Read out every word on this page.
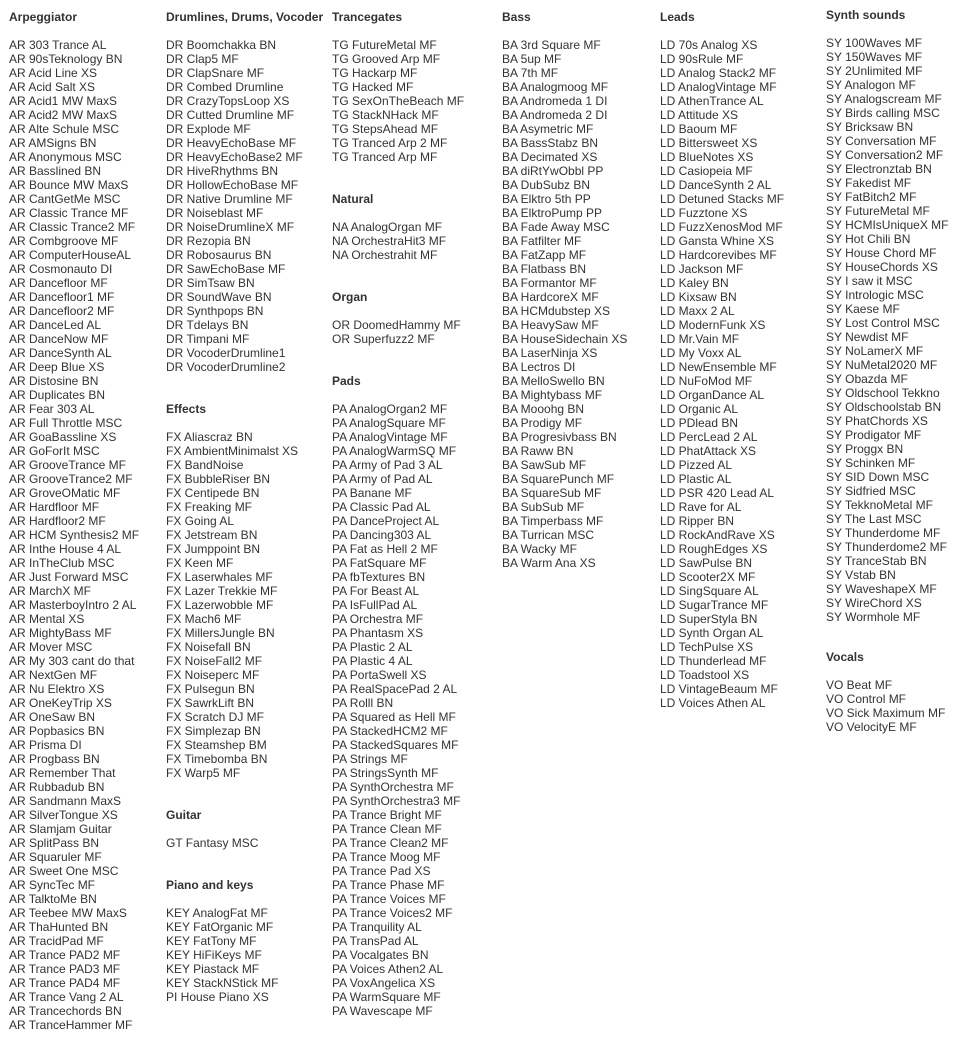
Arpeggiator
AR 303 Trance AL
AR 90sTeknology BN
AR Acid Line XS
AR Acid Salt XS
AR Acid1 MW MaxS
AR Acid2 MW MaxS
AR Alte Schule MSC
AR AMSigns BN
AR Anonymous MSC
AR Basslined BN
AR Bounce MW MaxS
AR CantGetMe MSC
AR Classic Trance MF
AR Classic Trance2 MF
AR Combgroove MF
AR ComputerHouseAL
AR Cosmonauto DI
AR Dancefloor MF
AR Dancefloor1 MF
AR Dancefloor2 MF
AR DanceLed AL
AR DanceNow MF
AR DanceSynth AL
AR Deep Blue XS
AR Distosine BN
AR Duplicates BN
AR Fear 303 AL
AR Full Throttle MSC
AR GoaBassline XS
AR GoForIt MSC
AR GrooveTrance MF
AR GrooveTrance2 MF
AR GroveOMatic MF
AR Hardfloor MF
AR Hardfloor2 MF
AR HCM Synthesis2 MF
AR Inthe House 4 AL
AR InTheClub MSC
AR Just Forward MSC
AR MarchX MF
AR MasterboyIntro 2 AL
AR Mental XS
AR MightyBass MF
AR Mover MSC
AR My 303 cant do that
AR NextGen MF
AR Nu Elektro XS
AR OneKeyTrip XS
AR OneSaw BN
AR Popbasics BN
AR Prisma DI
AR Progbass BN
AR Remember That
AR Rubbadub BN
AR Sandmann MaxS
AR SilverTongue XS
AR Slamjam Guitar
AR SplitPass BN
AR Squaruler MF
AR Sweet One MSC
AR SyncTec MF
AR TalktoMe BN
AR Teebee MW MaxS
AR ThaHunted BN
AR TracidPad MF
AR Trance PAD2 MF
AR Trance PAD3 MF
AR Trance PAD4 MF
AR Trance Vang 2 AL
AR Trancechords BN
AR TranceHammer MF
Drumlines, Drums, Vocoder
DR Boomchakka BN
DR Clap5 MF
DR ClapSnare MF
DR Combed Drumline
DR CrazyTopsLoop XS
DR Cutted Drumline MF
DR Explode MF
DR HeavyEchoBase MF
DR HeavyEchoBase2 MF
DR HiveRhythms BN
DR HollowEchoBase MF
DR Native Drumline MF
DR Noiseblast MF
DR NoiseDrumlineX MF
DR Rezopia BN
DR Robosaurus BN
DR SawEchoBase MF
DR SimTsaw BN
DR SoundWave BN
DR Synthpops BN
DR Tdelays BN
DR Timpani MF
DR VocoderDrumline1
DR VocoderDrumline2
Effects
FX Aliascraz BN
FX AmbientMinimalst XS
FX BandNoise
FX BubbleRiser BN
FX Centipede BN
FX Freaking MF
FX Going AL
FX Jetstream BN
FX Jumppoint BN
FX Keen MF
FX Laserwhales MF
FX Lazer Trekkie MF
FX Lazerwobble MF
FX Mach6 MF
FX MillersJungle BN
FX Noisefall BN
FX NoiseFall2 MF
FX Noiseperc MF
FX Pulsegun BN
FX SawrkLift BN
FX Scratch DJ MF
FX Simplezap BN
FX Steamshep BM
FX Timebomba BN
FX Warp5 MF
Guitar
GT Fantasy MSC
Piano and keys
KEY AnalogFat MF
KEY FatOrganic MF
KEY FatTony MF
KEY HiFiKeys MF
KEY Piastack MF
KEY StackNStick MF
PI House Piano XS
Trancegates
TG FutureMetal MF
TG Grooved Arp MF
TG Hackarp MF
TG Hacked MF
TG SexOnTheBeach MF
TG StackNHack MF
TG StepsAhead MF
TG Tranced Arp 2 MF
TG Tranced Arp MF
Natural
NA AnalogOrgan MF
NA OrchestraHit3 MF
NA Orchestrahit MF
Organ
OR DoomedHammy MF
OR Superfuzz2 MF
Pads
PA AnalogOrgan2 MF
PA AnalogSquare MF
PA AnalogVintage MF
PA AnalogWarmSQ MF
PA Army of Pad 3 AL
PA Army of Pad AL
PA Banane MF
PA Classic Pad AL
PA DanceProject AL
PA Dancing303 AL
PA Fat as Hell 2 MF
PA FatSquare MF
PA fbTextures BN
PA For Beast AL
PA IsFullPad AL
PA Orchestra MF
PA Phantasm XS
PA Plastic 2 AL
PA Plastic 4 AL
PA PortaSwell XS
PA RealSpacePad 2 AL
PA Rolll BN
PA Squared as Hell MF
PA StackedHCM2 MF
PA StackedSquares MF
PA Strings MF
PA StringsSynth MF
PA SynthOrchestra MF
PA SynthOrchestra3 MF
PA Trance Bright MF
PA Trance Clean MF
PA Trance Clean2 MF
PA Trance Moog MF
PA Trance Pad XS
PA Trance Phase MF
PA Trance Voices MF
PA Trance Voices2 MF
PA Tranquility AL
PA TransPad AL
PA Vocalgates BN
PA Voices Athen2 AL
PA VoxAngelica XS
PA WarmSquare MF
PA Wavescape MF
Bass
BA 3rd Square MF
BA 5up MF
BA 7th MF
BA Analogmoog MF
BA Andromeda 1 DI
BA Andromeda 2 DI
BA Asymetric MF
BA BassStabz BN
BA Decimated XS
BA diRtYwObbl PP
BA DubSubz BN
BA Elktro 5th PP
BA ElktroPump PP
BA Fade Away MSC
BA Fatfilter MF
BA FatZapp MF
BA Flatbass BN
BA Formantor MF
BA HardcoreX MF
BA HCMdubstep XS
BA HeavySaw MF
BA HouseSidechain XS
BA LaserNinja XS
BA Lectros DI
BA MelloSwello BN
BA Mightybass MF
BA Mooohg BN
BA Prodigy MF
BA Progresivbass BN
BA Raww BN
BA SawSub MF
BA SquarePunch MF
BA SquareSub MF
BA SubSub MF
BA Timperbass MF
BA Turrican MSC
BA Wacky MF
BA Warm Ana XS
Leads
LD 70s Analog XS
LD 90sRule MF
LD Analog Stack2 MF
LD AnalogVintage MF
LD AthenTrance AL
LD Attitude XS
LD Baoum MF
LD Bittersweet XS
LD BlueNotes XS
LD Casiopeia MF
LD DanceSynth 2 AL
LD Detuned Stacks MF
LD Fuzztone XS
LD FuzzXenosMod MF
LD Gansta Whine XS
LD Hardcorevibes MF
LD Jackson MF
LD Kaley BN
LD Kixsaw BN
LD Maxx 2 AL
LD ModernFunk XS
LD Mr.Vain MF
LD My Voxx AL
LD NewEnsemble MF
LD NuFoMod MF
LD OrganDance AL
LD Organic AL
LD PDlead BN
LD PercLead 2 AL
LD PhatAttack XS
LD Pizzed AL
LD Plastic AL
LD PSR 420 Lead AL
LD Rave for AL
LD Ripper BN
LD RockAndRave XS
LD RoughEdges XS
LD SawPulse BN
LD Scooter2X MF
LD SingSquare AL
LD SugarTrance MF
LD SuperStyla BN
LD Synth Organ AL
LD TechPulse XS
LD Thunderlead MF
LD Toadstool XS
LD VintageBeaum MF
LD Voices Athen AL
Synth sounds
SY 100Waves MF
SY 150Waves MF
SY 2Unlimited MF
SY Analogon MF
SY Analogscream MF
SY Birds calling MSC
SY Bricksaw BN
SY Conversation MF
SY Conversation2 MF
SY Electronztab BN
SY Fakedist MF
SY FatBitch2 MF
SY FutureMetal MF
SY HCMIsUniqueX MF
SY Hot Chili BN
SY House Chord MF
SY HouseChords XS
SY I saw it MSC
SY Intrologic MSC
SY Kaese MF
SY Lost Control MSC
SY Newdist MF
SY NoLamerX MF
SY NuMetal2020 MF
SY Obazda MF
SY Oldschool Tekkno
SY Oldschoolstab BN
SY PhatChords XS
SY Prodigator MF
SY Proggx BN
SY Schinken MF
SY SID Down MSC
SY Sidfried MSC
SY TekknoMetal MF
SY The Last MSC
SY Thunderdome MF
SY Thunderdome2 MF
SY TranceStab BN
SY Vstab BN
SY WaveshapeX MF
SY WireChord XS
SY Wormhole MF
Vocals
VO Beat MF
VO Control MF
VO Sick Maximum MF
VO VelocityE MF
